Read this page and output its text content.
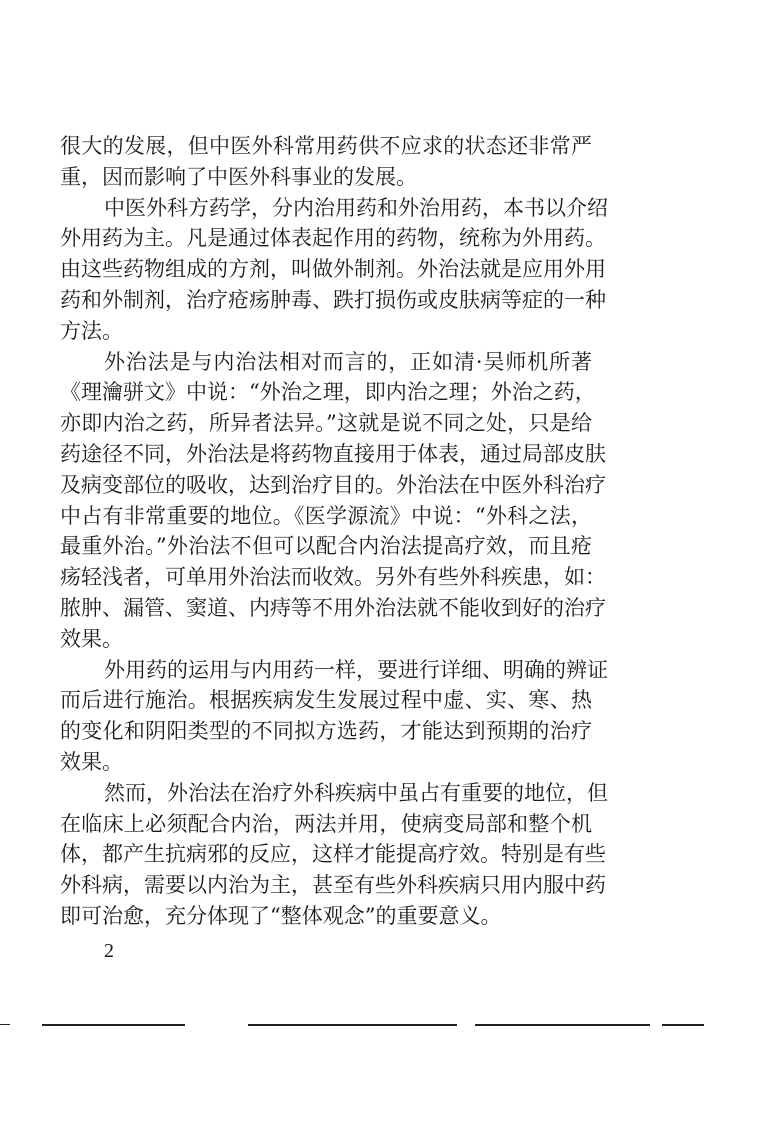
很大的发展，但中医外科常用药供不应求的状态还非常严
重，因而影响了中医外科事业的发展。
中医外科方药学，分内治用药和外治用药，本书以介绍
外用药为主。凡是通过体表起作用的药物，统称为外用药。
由这些药物组成的方剂，叫做外制剂。外治法就是应用外用
药和外制剂，治疗疮疡肿毒、跌打损伤或皮肤病等症的一种
方法。
外治法是与内治法相对而言的，正如清·吴师机所著
《理瀹骈文》中说：“外治之理，即内治之理；外治之药，
亦即内治之药，所异者法异。”这就是说不同之处，只是给
药途径不同，外治法是将药物直接用于体表，通过局部皮肤
及病变部位的吸收，达到治疗目的。外治法在中医外科治疗
中占有非常重要的地位。《医学源流》中说：“外科之法，
最重外治。”外治法不但可以配合内治法提高疗效，而且疮
疡轻浅者，可单用外治法而收效。另外有些外科疾患，如：
脓肿、漏管、窦道、内痔等不用外治法就不能收到好的治疗
效果。
外用药的运用与内用药一样，要进行详细、明确的辨证
而后进行施治。根据疾病发生发展过程中虚、实、寒、热
的变化和阴阳类型的不同拟方选药，才能达到预期的治疗
效果。
然而，外治法在治疗外科疾病中虽占有重要的地位，但
在临床上必须配合内治，两法并用，使病变局部和整个机
体，都产生抗病邪的反应，这样才能提高疗效。特别是有些
外科病，需要以内治为主，甚至有些外科疾病只用内服中药
即可治愈，充分体现了“整体观念”的重要意义。
2
